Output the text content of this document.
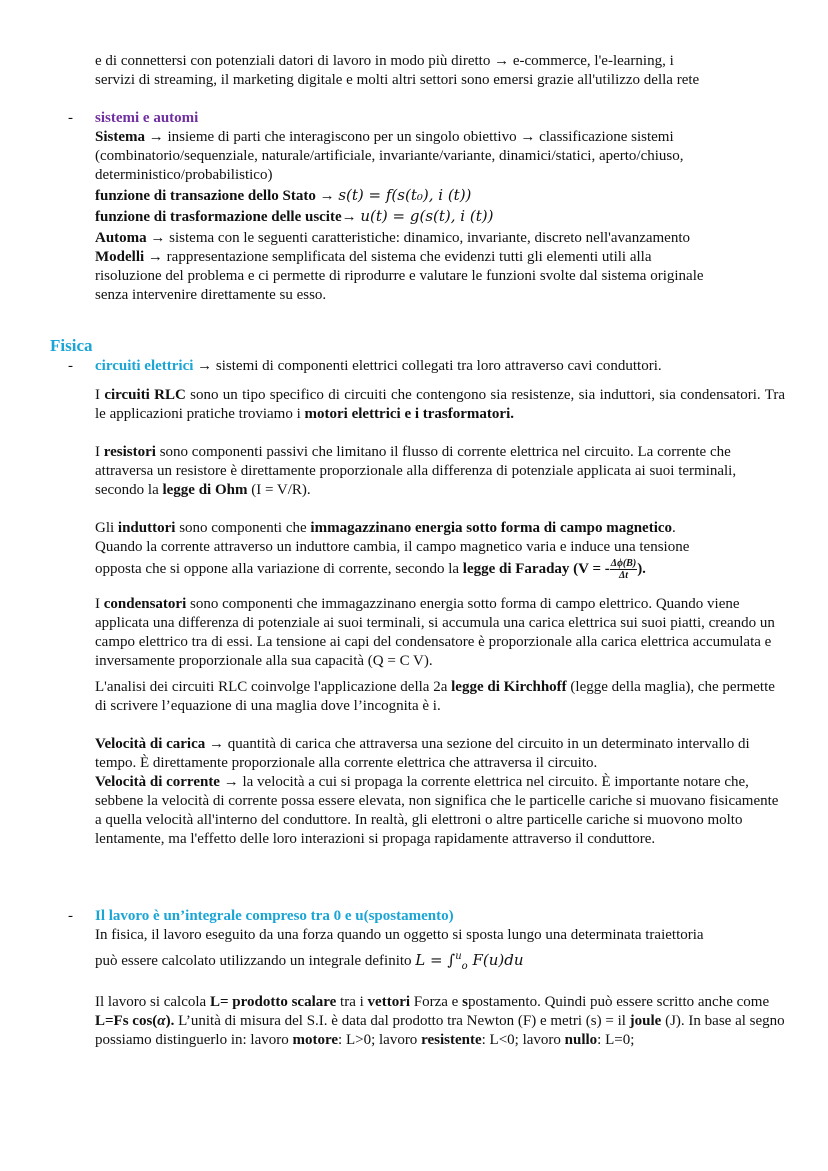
e di connettersi con potenziali datori di lavoro in modo più diretto → e-commerce, l'e-learning, i

servizi di streaming, il marketing digitale e molti altri settori sono emersi grazie all'utilizzo della rete

- sistemi e automi

Sistema → insieme di parti che interagiscono per un singolo obiettivo → classificazione sistemi

(combinatorio/sequenziale, naturale/artificiale, invariante/variante, dinamici/statici, aperto/chiuso,

deterministico/probabilistico)

funzione di transazione dello Stato → s(t) = f(s(t₀), i (t))

funzione di trasformazione delle uscite→ u(t) = g(s(t), i (t))

Automa → sistema con le seguenti caratteristiche: dinamico, invariante, discreto nell'avanzamento

Modelli → rappresentazione semplificata del sistema che evidenzi tutti gli elementi utili alla

risoluzione del problema e ci permette di riprodurre e valutare le funzioni svolte dal sistema originale

senza intervenire direttamente su esso.

Fisica
- circuiti elettrici → sistemi di componenti elettrici collegati tra loro attraverso cavi conduttori.

I circuiti RLC sono un tipo specifico di circuiti che contengono sia resistenze, sia induttori, sia condensatori. Tra le applicazioni pratiche troviamo i motori elettrici e i trasformatori.

I resistori sono componenti passivi che limitano il flusso di corrente elettrica nel circuito. La corrente che attraversa un resistore è direttamente proporzionale alla differenza di potenziale applicata ai suoi terminali, secondo la legge di Ohm (I = V/R).

Gli induttori sono componenti che immagazzinano energia sotto forma di campo magnetico.

Quando la corrente attraverso un induttore cambia, il campo magnetico varia e induce una tensione

opposta che si oppone alla variazione di corrente, secondo la legge di Faraday (V = - $\frac{\Delta\phi(B)}{\Delta t}$ ).

I condensatori sono componenti che immagazzinano energia sotto forma di campo elettrico. Quando viene applicata una differenza di potenziale ai suoi terminali, si accumula una carica elettrica sui suoi piatti, creando un campo elettrico tra di essi. La tensione ai capi del condensatore è proporzionale alla carica elettrica accumulata e inversamente proporzionale alla sua capacità (Q = C V).

L'analisi dei circuiti RLC coinvolge l'applicazione della 2a legge di Kirchhoff (legge della maglia), che permette di scrivere l’equazione di una maglia dove l’incognita è i.

Velocità di carica → quantità di carica che attraversa una sezione del circuito in un determinato intervallo di tempo. È direttamente proporzionale alla corrente elettrica che attraversa il circuito.

Velocità di corrente → la velocità a cui si propaga la corrente elettrica nel circuito. È importante notare che, sebbene la velocità di corrente possa essere elevata, non significa che le particelle cariche si muovano fisicamente a quella velocità all'interno del conduttore. In realtà, gli elettroni o altre particelle cariche si muovono molto lentamente, ma l'effetto delle loro interazioni si propaga rapidamente attraverso il conduttore.

- Il lavoro è un’integrale compreso tra 0 e u(spostamento)

In fisica, il lavoro eseguito da una forza quando un oggetto si sposta lungo una determinata traiettoria

può essere calcolato utilizzando un integrale definito L = ∫$^u_o$ F(u)du

Il lavoro si calcola L= prodotto scalare tra i vettori Forza e spostamento. Quindi può essere scritto anche come L=Fs cos(α). L’unità di misura del S.I. è data dal prodotto tra Newton (F) e metri (s) = il joule (J). In base al segno possiamo distinguerlo in: lavoro motore: L>0; lavoro resistente: L<0; lavoro nullo: L=0;
